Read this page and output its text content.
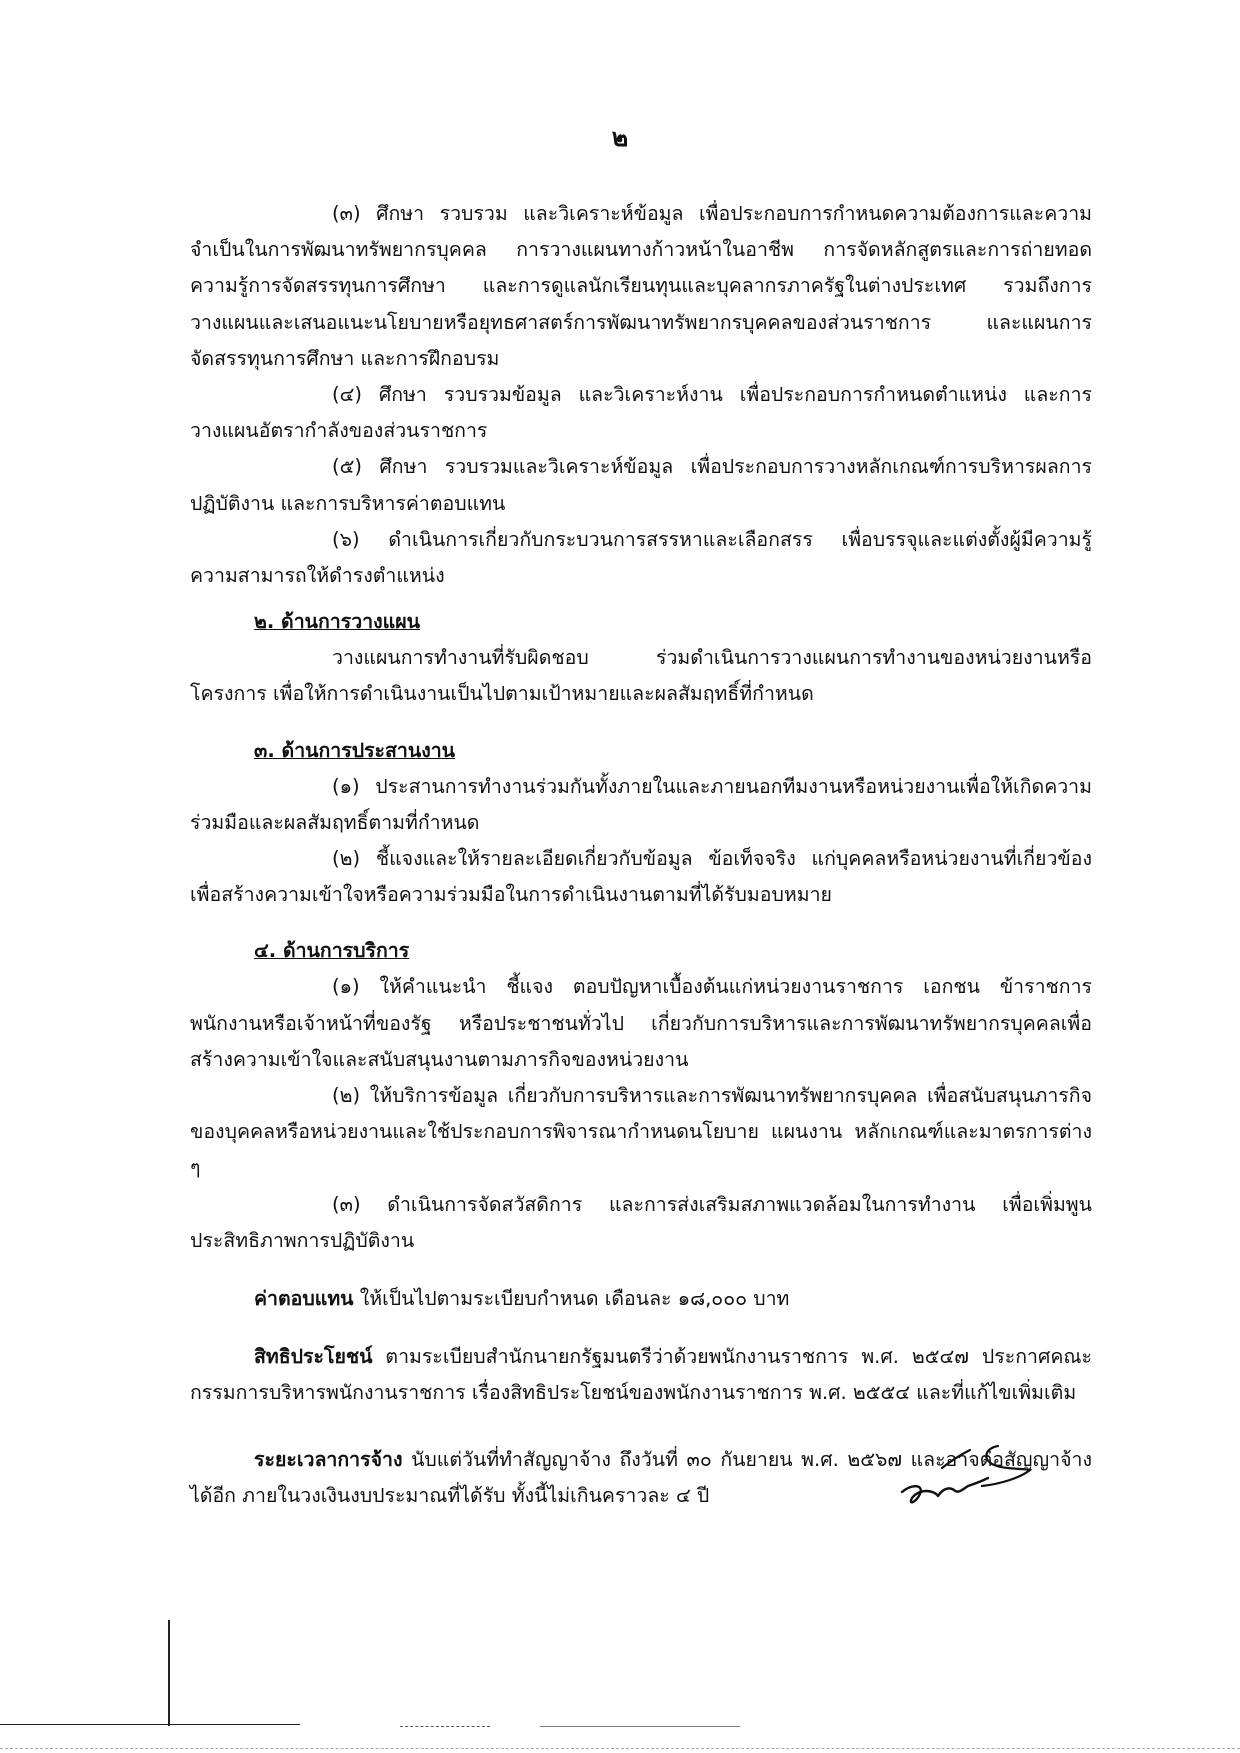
๒

(๓) ศึกษา รวบรวม และวิเคราะห์ข้อมูล เพื่อประกอบการกำหนดความต้องการและความจำเป็นในการพัฒนาทรัพยากรบุคคล การวางแผนทางก้าวหน้าในอาชีพ การจัดหลักสูตรและการถ่ายทอดความรู้การจัดสรรทุนการศึกษา และการดูแลนักเรียนทุนและบุคลากรภาครัฐในต่างประเทศ รวมถึงการวางแผนและเสนอแนะนโยบายหรือยุทธศาสตร์การพัฒนาทรัพยากรบุคคลของส่วนราชการ และแผนการจัดสรรทุนการศึกษา และการฝึกอบรม

(๔) ศึกษา รวบรวมข้อมูล และวิเคราะห์งาน เพื่อประกอบการกำหนดตำแหน่ง และการวางแผนอัตรากำลังของส่วนราชการ

(๕) ศึกษา รวบรวมและวิเคราะห์ข้อมูล เพื่อประกอบการวางหลักเกณฑ์การบริหารผลการปฏิบัติงาน และการบริหารค่าตอบแทน

(๖) ดำเนินการเกี่ยวกับกระบวนการสรรหาและเลือกสรร เพื่อบรรจุและแต่งตั้งผู้มีความรู้ความสามารถให้ดำรงตำแหน่ง

๒. ด้านการวางแผน

วางแผนการทำงานที่รับผิดชอบ ร่วมดำเนินการวางแผนการทำงานของหน่วยงานหรือโครงการ เพื่อให้การดำเนินงานเป็นไปตามเป้าหมายและผลสัมฤทธิ์ที่กำหนด

๓. ด้านการประสานงาน

(๑) ประสานการทำงานร่วมกันทั้งภายในและภายนอกทีมงานหรือหน่วยงานเพื่อให้เกิดความร่วมมือและผลสัมฤทธิ์ตามที่กำหนด

(๒) ชี้แจงและให้รายละเอียดเกี่ยวกับข้อมูล ข้อเท็จจริง แก่บุคคลหรือหน่วยงานที่เกี่ยวข้องเพื่อสร้างความเข้าใจหรือความร่วมมือในการดำเนินงานตามที่ได้รับมอบหมาย

๔. ด้านการบริการ

(๑) ให้คำแนะนำ ชี้แจง ตอบปัญหาเบื้องต้นแก่หน่วยงานราชการ เอกชน ข้าราชการพนักงานหรือเจ้าหน้าที่ของรัฐ หรือประชาชนทั่วไป เกี่ยวกับการบริหารและการพัฒนาทรัพยากรบุคคลเพื่อสร้างความเข้าใจและสนับสนุนงานตามภารกิจของหน่วยงาน

(๒) ให้บริการข้อมูล เกี่ยวกับการบริหารและการพัฒนาทรัพยากรบุคคล เพื่อสนับสนุนภารกิจของบุคคลหรือหน่วยงานและใช้ประกอบการพิจารณากำหนดนโยบาย แผนงาน หลักเกณฑ์และมาตรการต่าง ๆ

(๓) ดำเนินการจัดสวัสดิการ และการส่งเสริมสภาพแวดล้อมในการทำงาน เพื่อเพิ่มพูนประสิทธิภาพการปฏิบัติงาน

ค่าตอบแทน ให้เป็นไปตามระเบียบกำหนด เดือนละ ๑๘,๐๐๐ บาท

สิทธิประโยชน์ ตามระเบียบสำนักนายกรัฐมนตรีว่าด้วยพนักงานราชการ พ.ศ. ๒๕๔๗ ประกาศคณะกรรมการบริหารพนักงานราชการ เรื่องสิทธิประโยชน์ของพนักงานราชการ พ.ศ. ๒๕๕๔ และที่แก้ไขเพิ่มเติม

ระยะเวลาการจ้าง นับแต่วันที่ทำสัญญาจ้าง ถึงวันที่ ๓๐ กันยายน พ.ศ. ๒๕๖๗ และอาจต่อสัญญาจ้างได้อีก ภายในวงเงินงบประมาณที่ได้รับ ทั้งนี้ไม่เกินคราวละ ๔ ปี
